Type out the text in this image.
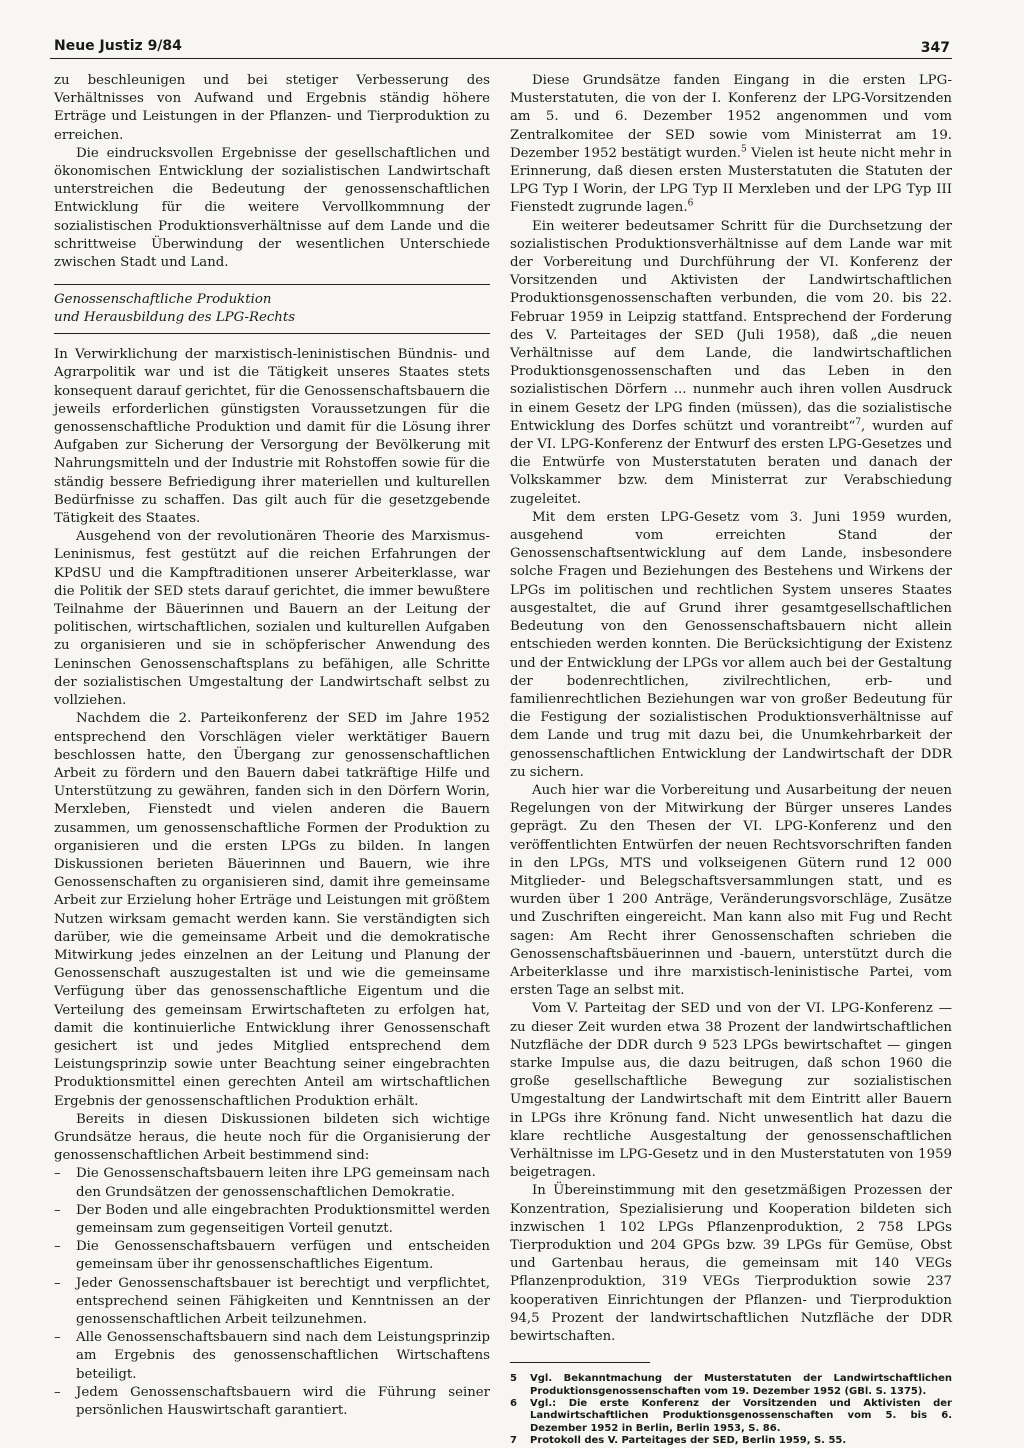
Neue Justiz 9/84	347

zu beschleunigen und bei stetiger Verbesserung des Verhältnisses von Aufwand und Ergebnis ständig höhere Erträge und Leistungen in der Pflanzen- und Tierproduktion zu erreichen.

Die eindrucksvollen Ergebnisse der gesellschaftlichen und ökonomischen Entwicklung der sozialistischen Landwirtschaft unterstreichen die Bedeutung der genossenschaftlichen Entwicklung für die weitere Vervollkommnung der sozialistischen Produktionsverhältnisse auf dem Lande und die schrittweise Überwindung der wesentlichen Unterschiede zwischen Stadt und Land.

Genossenschaftliche Produktion
und Herausbildung des LPG-Rechts

In Verwirklichung der marxistisch-leninistischen Bündnis- und Agrarpolitik war und ist die Tätigkeit unseres Staates stets konsequent darauf gerichtet, für die Genossenschaftsbauern die jeweils erforderlichen günstigsten Voraussetzungen für die genossenschaftliche Produktion und damit für die Lösung ihrer Aufgaben zur Sicherung der Versorgung der Bevölkerung mit Nahrungsmitteln und der Industrie mit Rohstoffen sowie für die ständig bessere Befriedigung ihrer materiellen und kulturellen Bedürfnisse zu schaffen. Das gilt auch für die gesetzgebende Tätigkeit des Staates.

Ausgehend von der revolutionären Theorie des Marxismus-Leninismus, fest gestützt auf die reichen Erfahrungen der KPdSU und die Kampftraditionen unserer Arbeiterklasse, war die Politik der SED stets darauf gerichtet, die immer bewußtere Teilnahme der Bäuerinnen und Bauern an der Leitung der politischen, wirtschaftlichen, sozialen und kulturellen Aufgaben zu organisieren und sie in schöpferischer Anwendung des Leninschen Genossenschaftsplans zu befähigen, alle Schritte der sozialistischen Umgestaltung der Landwirtschaft selbst zu vollziehen.

Nachdem die 2. Parteikonferenz der SED im Jahre 1952 entsprechend den Vorschlägen vieler werktätiger Bauern beschlossen hatte, den Übergang zur genossenschaftlichen Arbeit zu fördern und den Bauern dabei tatkräftige Hilfe und Unterstützung zu gewähren, fanden sich in den Dörfern Worin, Merxleben, Fienstedt und vielen anderen die Bauern zusammen, um genossenschaftliche Formen der Produktion zu organisieren und die ersten LPGs zu bilden. In langen Diskussionen berieten Bäuerinnen und Bauern, wie ihre Genossenschaften zu organisieren sind, damit ihre gemeinsame Arbeit zur Erzielung hoher Erträge und Leistungen mit größtem Nutzen wirksam gemacht werden kann. Sie verständigten sich darüber, wie die gemeinsame Arbeit und die demokratische Mitwirkung jedes einzelnen an der Leitung und Planung der Genossenschaft auszugestalten ist und wie die gemeinsame Verfügung über das genossenschaftliche Eigentum und die Verteilung des gemeinsam Erwirtschafteten zu erfolgen hat, damit die kontinuierliche Entwicklung ihrer Genossenschaft gesichert ist und jedes Mitglied entsprechend dem Leistungsprinzip sowie unter Beachtung seiner eingebrachten Produktionsmittel einen gerechten Anteil am wirtschaftlichen Ergebnis der genossenschaftlichen Produktion erhält.

Bereits in diesen Diskussionen bildeten sich wichtige Grundsätze heraus, die heute noch für die Organisierung der genossenschaftlichen Arbeit bestimmend sind:

– Die Genossenschaftsbauern leiten ihre LPG gemeinsam nach den Grundsätzen der genossenschaftlichen Demokratie.
– Der Boden und alle eingebrachten Produktionsmittel werden gemeinsam zum gegenseitigen Vorteil genutzt.
– Die Genossenschaftsbauern verfügen und entscheiden gemeinsam über ihr genossenschaftliches Eigentum.
– Jeder Genossenschaftsbauer ist berechtigt und verpflichtet, entsprechend seinen Fähigkeiten und Kenntnissen an der genossenschaftlichen Arbeit teilzunehmen.
– Alle Genossenschaftsbauern sind nach dem Leistungsprinzip am Ergebnis des genossenschaftlichen Wirtschaftens beteiligt.
– Jedem Genossenschaftsbauern wird die Führung seiner persönlichen Hauswirtschaft garantiert.

Diese Grundsätze fanden Eingang in die ersten LPG-Musterstatuten, die von der I. Konferenz der LPG-Vorsitzenden am 5. und 6. Dezember 1952 angenommen und vom Zentralkomitee der SED sowie vom Ministerrat am 19. Dezember 1952 bestätigt wurden.$^5$ Vielen ist heute nicht mehr in Erinnerung, daß diesen ersten Musterstatuten die Statuten der LPG Typ I Worin, der LPG Typ II Merxleben und der LPG Typ III Fienstedt zugrunde lagen.$^6$

Ein weiterer bedeutsamer Schritt für die Durchsetzung der sozialistischen Produktionsverhältnisse auf dem Lande war mit der Vorbereitung und Durchführung der VI. Konferenz der Vorsitzenden und Aktivisten der Landwirtschaftlichen Produktionsgenossenschaften verbunden, die vom 20. bis 22. Februar 1959 in Leipzig stattfand. Entsprechend der Forderung des V. Parteitages der SED (Juli 1958), daß „die neuen Verhältnisse auf dem Lande, die landwirtschaftlichen Produktionsgenossenschaften und das Leben in den sozialistischen Dörfern ... nunmehr auch ihren vollen Ausdruck in einem Gesetz der LPG finden (müssen), das die sozialistische Entwicklung des Dorfes schützt und vorantreibt“$^7$, wurden auf der VI. LPG-Konferenz der Entwurf des ersten LPG-Gesetzes und die Entwürfe von Musterstatuten beraten und danach der Volkskammer bzw. dem Ministerrat zur Verabschiedung zugeleitet.

Mit dem ersten LPG-Gesetz vom 3. Juni 1959 wurden, ausgehend vom erreichten Stand der Genossenschaftsentwicklung auf dem Lande, insbesondere solche Fragen und Beziehungen des Bestehens und Wirkens der LPGs im politischen und rechtlichen System unseres Staates ausgestaltet, die auf Grund ihrer gesamtgesellschaftlichen Bedeutung von den Genossenschaftsbauern nicht allein entschieden werden konnten. Die Berücksichtigung der Existenz und der Entwicklung der LPGs vor allem auch bei der Gestaltung der bodenrechtlichen, zivilrechtlichen, erb- und familienrechtlichen Beziehungen war von großer Bedeutung für die Festigung der sozialistischen Produktionsverhältnisse auf dem Lande und trug mit dazu bei, die Unumkehrbarkeit der genossenschaftlichen Entwicklung der Landwirtschaft der DDR zu sichern.

Auch hier war die Vorbereitung und Ausarbeitung der neuen Regelungen von der Mitwirkung der Bürger unseres Landes geprägt. Zu den Thesen der VI. LPG-Konferenz und den veröffentlichten Entwürfen der neuen Rechtsvorschriften fanden in den LPGs, MTS und volkseigenen Gütern rund 12 000 Mitglieder- und Belegschaftsversammlungen statt, und es wurden über 1 200 Anträge, Veränderungsvorschläge, Zusätze und Zuschriften eingereicht. Man kann also mit Fug und Recht sagen: Am Recht ihrer Genossenschaften schrieben die Genossenschaftsbäuerinnen und -bauern, unterstützt durch die Arbeiterklasse und ihre marxistisch-leninistische Partei, vom ersten Tage an selbst mit.

Vom V. Parteitag der SED und von der VI. LPG-Konferenz — zu dieser Zeit wurden etwa 38 Prozent der landwirtschaftlichen Nutzfläche der DDR durch 9 523 LPGs bewirtschaftet — gingen starke Impulse aus, die dazu beitrugen, daß schon 1960 die große gesellschaftliche Bewegung zur sozialistischen Umgestaltung der Landwirtschaft mit dem Eintritt aller Bauern in LPGs ihre Krönung fand. Nicht unwesentlich hat dazu die klare rechtliche Ausgestaltung der genossenschaftlichen Verhältnisse im LPG-Gesetz und in den Musterstatuten von 1959 beigetragen.

In Übereinstimmung mit den gesetzmäßigen Prozessen der Konzentration, Spezialisierung und Kooperation bildeten sich inzwischen 1 102 LPGs Pflanzenproduktion, 2 758 LPGs Tierproduktion und 204 GPGs bzw. 39 LPGs für Gemüse, Obst und Gartenbau heraus, die gemeinsam mit 140 VEGs Pflanzenproduktion, 319 VEGs Tierproduktion sowie 237 kooperativen Einrichtungen der Pflanzen- und Tierproduktion 94,5 Prozent der landwirtschaftlichen Nutzfläche der DDR bewirtschaften.

5 Vgl. Bekanntmachung der Musterstatuten der Landwirtschaftlichen Produktionsgenossenschaften vom 19. Dezember 1952 (GBl. S. 1375).
6 Vgl.: Die erste Konferenz der Vorsitzenden und Aktivisten der Landwirtschaftlichen Produktionsgenossenschaften vom 5. bis 6. Dezember 1952 in Berlin, Berlin 1953, S. 86.
7 Protokoll des V. Parteitages der SED, Berlin 1959, S. 55.
